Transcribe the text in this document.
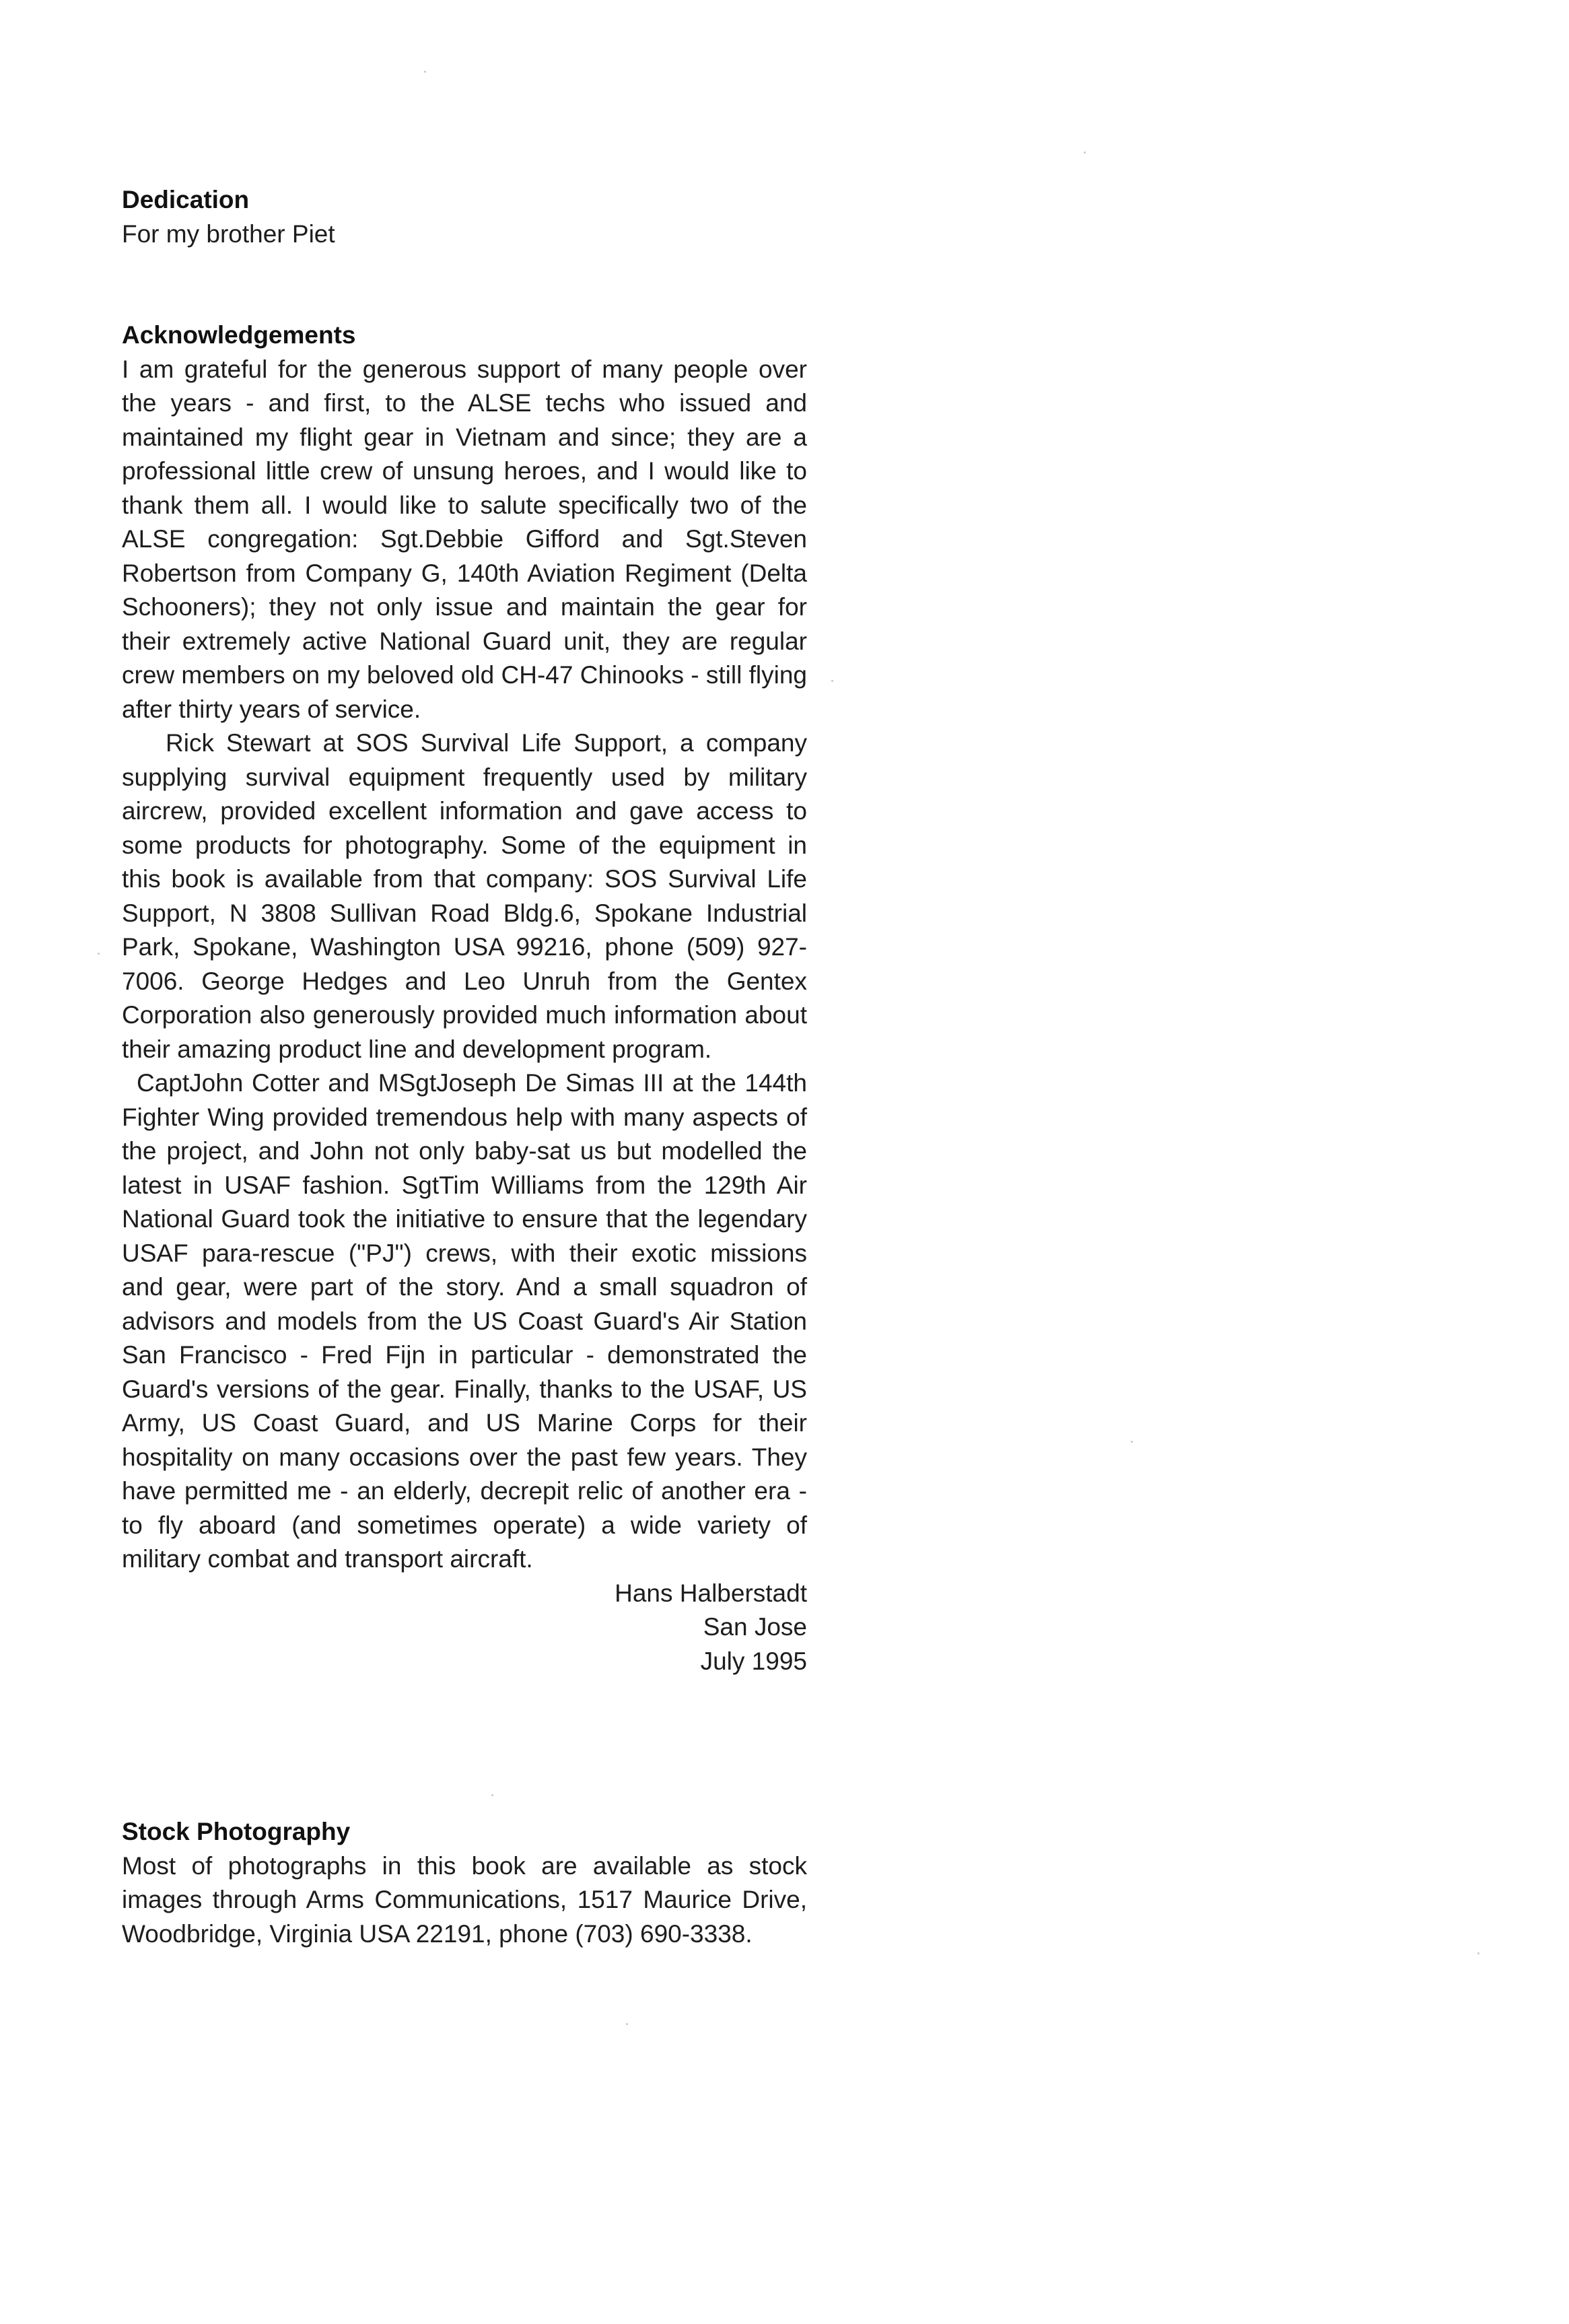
Dedication

For my brother Piet

Acknowledgements

I am grateful for the generous support of many people over the years - and first, to the ALSE techs who issued and maintained my flight gear in Vietnam and since; they are a professional little crew of unsung heroes, and I would like to thank them all. I would like to salute specifically two of the ALSE congregation: Sgt.Debbie Gifford and Sgt.Steven Robertson from Company G, 140th Aviation Regiment (Delta Schooners); they not only issue and maintain the gear for their extremely active National Guard unit, they are regular crew members on my beloved old CH-47 Chinooks - still flying after thirty years of service.

Rick Stewart at SOS Survival Life Support, a company supplying survival equipment frequently used by military aircrew, provided excellent information and gave access to some products for photography. Some of the equipment in this book is available from that company: SOS Survival Life Support, N 3808 Sullivan Road Bldg.6, Spokane Industrial Park, Spokane, Washington USA 99216, phone (509) 927-7006. George Hedges and Leo Unruh from the Gentex Corporation also generously provided much information about their amazing product line and development program.

CaptJohn Cotter and MSgtJoseph De Simas III at the 144th Fighter Wing provided tremendous help with many aspects of the project, and John not only baby-sat us but modelled the latest in USAF fashion. SgtTim Williams from the 129th Air National Guard took the initiative to ensure that the legendary USAF para-rescue ("PJ") crews, with their exotic missions and gear, were part of the story. And a small squadron of advisors and models from the US Coast Guard's Air Station San Francisco - Fred Fijn in particular - demonstrated the Guard's versions of the gear. Finally, thanks to the USAF, US Army, US Coast Guard, and US Marine Corps for their hospitality on many occasions over the past few years. They have permitted me - an elderly, decrepit relic of another era - to fly aboard (and sometimes operate) a wide variety of military combat and transport aircraft.

Hans Halberstadt

San Jose

July 1995

Stock Photography

Most of photographs in this book are available as stock images through Arms Communications, 1517 Maurice Drive, Woodbridge, Virginia USA 22191, phone (703) 690-3338.
